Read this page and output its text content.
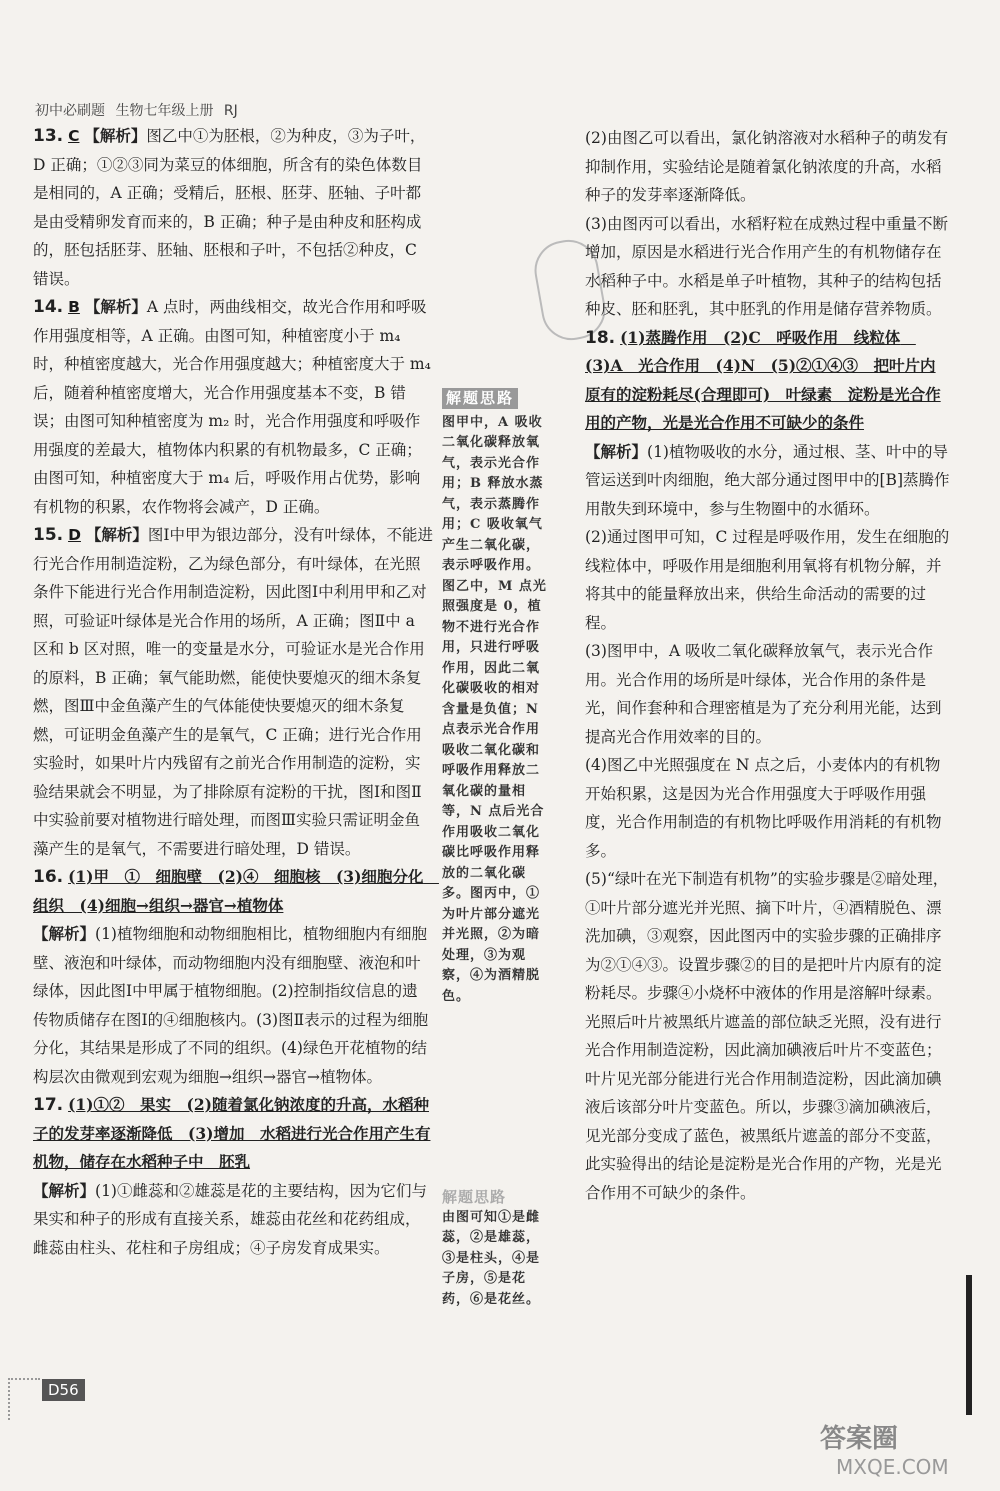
初中必刷题 生物七年级上册 RJ

13. C 【解析】图乙中①为胚根，②为种皮，③为子叶，D 正确；①②③同为菜豆的体细胞，所含有的染色体数目是相同的，A 正确；受精后，胚根、胚芽、胚轴、子叶都是由受精卵发育而来的，B 正确；种子是由种皮和胚构成的，胚包括胚芽、胚轴、胚根和子叶，不包括②种皮，C 错误。

14. B 【解析】A 点时，两曲线相交，故光合作用和呼吸作用强度相等，A 正确。由图可知，种植密度小于 m₄ 时，种植密度越大，光合作用强度越大；种植密度大于 m₄ 后，随着种植密度增大，光合作用强度基本不变，B 错误；由图可知种植密度为 m₂ 时，光合作用强度和呼吸作用强度的差最大，植物体内积累的有机物最多，C 正确；由图可知，种植密度大于 m₄ 后，呼吸作用占优势，影响有机物的积累，农作物将会减产，D 正确。

15. D 【解析】图Ⅰ中甲为银边部分，没有叶绿体，不能进行光合作用制造淀粉，乙为绿色部分，有叶绿体，在光照条件下能进行光合作用制造淀粉，因此图Ⅰ中利用甲和乙对照，可验证叶绿体是光合作用的场所，A 正确；图Ⅱ中 a 区和 b 区对照，唯一的变量是水分，可验证水是光合作用的原料，B 正确；氧气能助燃，能使快要熄灭的细木条复燃，图Ⅲ中金鱼藻产生的气体能使快要熄灭的细木条复燃，可证明金鱼藻产生的是氧气，C 正确；进行光合作用实验时，如果叶片内残留有之前光合作用制造的淀粉，实验结果就会不明显，为了排除原有淀粉的干扰，图Ⅰ和图Ⅱ中实验前要对植物进行暗处理，而图Ⅲ实验只需证明金鱼藻产生的是氧气，不需要进行暗处理，D 错误。

16. (1)甲　①　细胞壁　(2)④　细胞核　(3)细胞分化　组织　(4)细胞→组织→器官→植物体
【解析】(1)植物细胞和动物细胞相比，植物细胞内有细胞壁、液泡和叶绿体，而动物细胞内没有细胞壁、液泡和叶绿体，因此图Ⅰ中甲属于植物细胞。(2)控制指纹信息的遗传物质储存在图Ⅰ的④细胞核内。(3)图Ⅱ表示的过程为细胞分化，其结果是形成了不同的组织。(4)绿色开花植物的结构层次由微观到宏观为细胞→组织→器官→植物体。

17. (1)①②　果实　(2)随着氯化钠浓度的升高，水稻种子的发芽率逐渐降低　(3)增加　水稻进行光合作用产生有机物，储存在水稻种子中　胚乳
【解析】(1)①雌蕊和②雄蕊是花的主要结构，因为它们与果实和种子的形成有直接关系，雄蕊由花丝和花药组成，雌蕊由柱头、花柱和子房组成；④子房发育成果实。

解题思路
图甲中，A 吸收二氧化碳释放氧气，表示光合作用；B 释放水蒸气，表示蒸腾作用；C 吸收氧气产生二氧化碳，表示呼吸作用。图乙中，M 点光照强度是 0，植物不进行光合作用，只进行呼吸作用，因此二氧化碳吸收的相对含量是负值；N 点表示光合作用吸收二氧化碳和呼吸作用释放二氧化碳的量相等，N 点后光合作用吸收二氧化碳比呼吸作用释放的二氧化碳多。图丙中，①为叶片部分遮光并光照，②为暗处理，③为观察，④为酒精脱色。
解题思路
由图可知①是雌蕊，②是雄蕊，③是柱头，④是子房，⑤是花药，⑥是花丝。

(2)由图乙可以看出，氯化钠溶液对水稻种子的萌发有抑制作用，实验结论是随着氯化钠浓度的升高，水稻种子的发芽率逐渐降低。

(3)由图丙可以看出，水稻籽粒在成熟过程中重量不断增加，原因是水稻进行光合作用产生的有机物储存在水稻种子中。水稻是单子叶植物，其种子的结构包括种皮、胚和胚乳，其中胚乳的作用是储存营养物质。

18. (1)蒸腾作用　(2)C　呼吸作用　线粒体　(3)A　光合作用　(4)N　(5)②①④③　把叶片内原有的淀粉耗尽(合理即可)　叶绿素　淀粉是光合作用的产物，光是光合作用不可缺少的条件
【解析】(1)植物吸收的水分，通过根、茎、叶中的导管运送到叶肉细胞，绝大部分通过图甲中的[B]蒸腾作用散失到环境中，参与生物圈中的水循环。

(2)通过图甲可知，C 过程是呼吸作用，发生在细胞的线粒体中，呼吸作用是细胞利用氧将有机物分解，并将其中的能量释放出来，供给生命活动的需要的过程。

(3)图甲中，A 吸收二氧化碳释放氧气，表示光合作用。光合作用的场所是叶绿体，光合作用的条件是光，间作套种和合理密植是为了充分利用光能，达到提高光合作用效率的目的。

(4)图乙中光照强度在 N 点之后，小麦体内的有机物开始积累，这是因为光合作用强度大于呼吸作用强度，光合作用制造的有机物比呼吸作用消耗的有机物多。

(5)“绿叶在光下制造有机物”的实验步骤是②暗处理，①叶片部分遮光并光照、摘下叶片，④酒精脱色、漂洗加碘，③观察，因此图丙中的实验步骤的正确排序为②①④③。设置步骤②的目的是把叶片内原有的淀粉耗尽。步骤④小烧杯中液体的作用是溶解叶绿素。光照后叶片被黑纸片遮盖的部位缺乏光照，没有进行光合作用制造淀粉，因此滴加碘液后叶片不变蓝色；叶片见光部分能进行光合作用制造淀粉，因此滴加碘液后该部分叶片变蓝色。所以，步骤③滴加碘液后，见光部分变成了蓝色，被黑纸片遮盖的部分不变蓝，此实验得出的结论是淀粉是光合作用的产物，光是光合作用不可缺少的条件。

D56
答案圈
MXQE.COM
